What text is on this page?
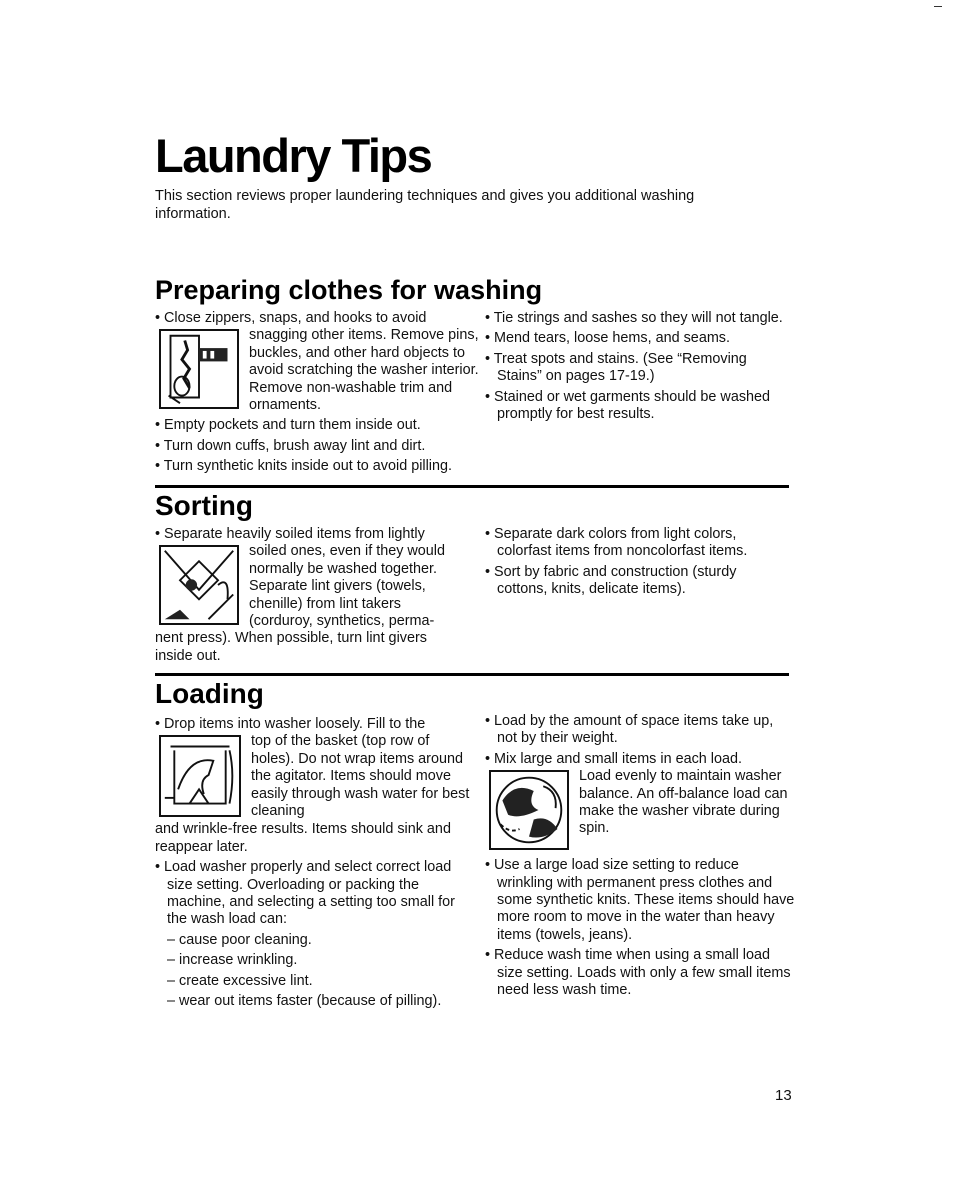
Laundry Tips
This section reviews proper laundering techniques and gives you additional washing information.
Preparing clothes for washing

• Close zippers, snaps, and hooks to avoid

snagging other items. Remove pins, buckles, and other hard objects to avoid scratching the washer interior. Remove non-washable trim and ornaments.

• Empty pockets and turn them inside out.

• Turn down cuffs, brush away lint and dirt.

• Turn synthetic knits inside out to avoid pilling.

• Tie strings and sashes so they will not tangle.

• Mend tears, loose hems, and seams.

• Treat spots and stains. (See “Removing Stains” on pages 17-19.)

• Stained or wet garments should be washed promptly for best results.

Sorting

• Separate heavily soiled items from lightly

soiled ones, even if they would normally be washed together. Separate lint givers (towels, chenille) from lint takers (corduroy, synthetics, perma-

nent press). When possible, turn lint givers inside out.

• Separate dark colors from light colors, colorfast items from noncolorfast items.

• Sort by fabric and construction (sturdy cottons, knits, delicate items).

Loading

• Drop items into washer loosely. Fill to the

top of the basket (top row of holes). Do not wrap items around the agitator. Items should move easily through wash water for best cleaning

and wrinkle-free results. Items should sink and reappear later.

• Load washer properly and select correct load size setting. Overloading or packing the machine, and selecting a setting too small for the wash load can:

– cause poor cleaning.

– increase wrinkling.

– create excessive lint.

– wear out items faster (because of pilling).

• Load by the amount of space items take up, not by their weight.

• Mix large and small items in each load.

Load evenly to maintain washer balance. An off-balance load can make the washer vibrate during spin.

• Use a large load size setting to reduce wrinkling with permanent press clothes and some synthetic knits. These items should have more room to move in the water than heavy items (towels, jeans).

• Reduce wash time when using a small load size setting. Loads with only a few small items need less wash time.

13
